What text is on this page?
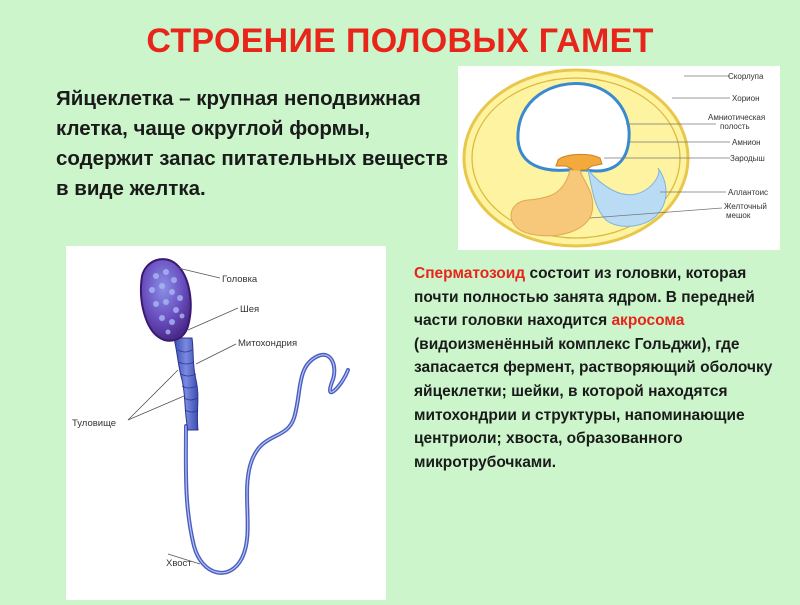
СТРОЕНИЕ ПОЛОВЫХ ГАМЕТ
Яйцеклетка – крупная неподвижная клетка, чаще округлой формы, содержит запас питательных веществ в виде желтка.
Скорлупа
Хорион
Амниотическая
полость
Амнион
Зародыш
Аллантоис
Желточный
мешок
Головка
Шея
Митохондрия
Туловище
Хвост
Сперматозоид состоит из головки, которая почти полностью занята ядром. В передней части головки находится акросома (видоизменённый комплекс Гольджи), где запасается фермент, растворяющий оболочку яйцеклетки; шейки, в которой находятся митохондрии и структуры, напоминающие центриоли; хвоста, образованного микротрубочками.
